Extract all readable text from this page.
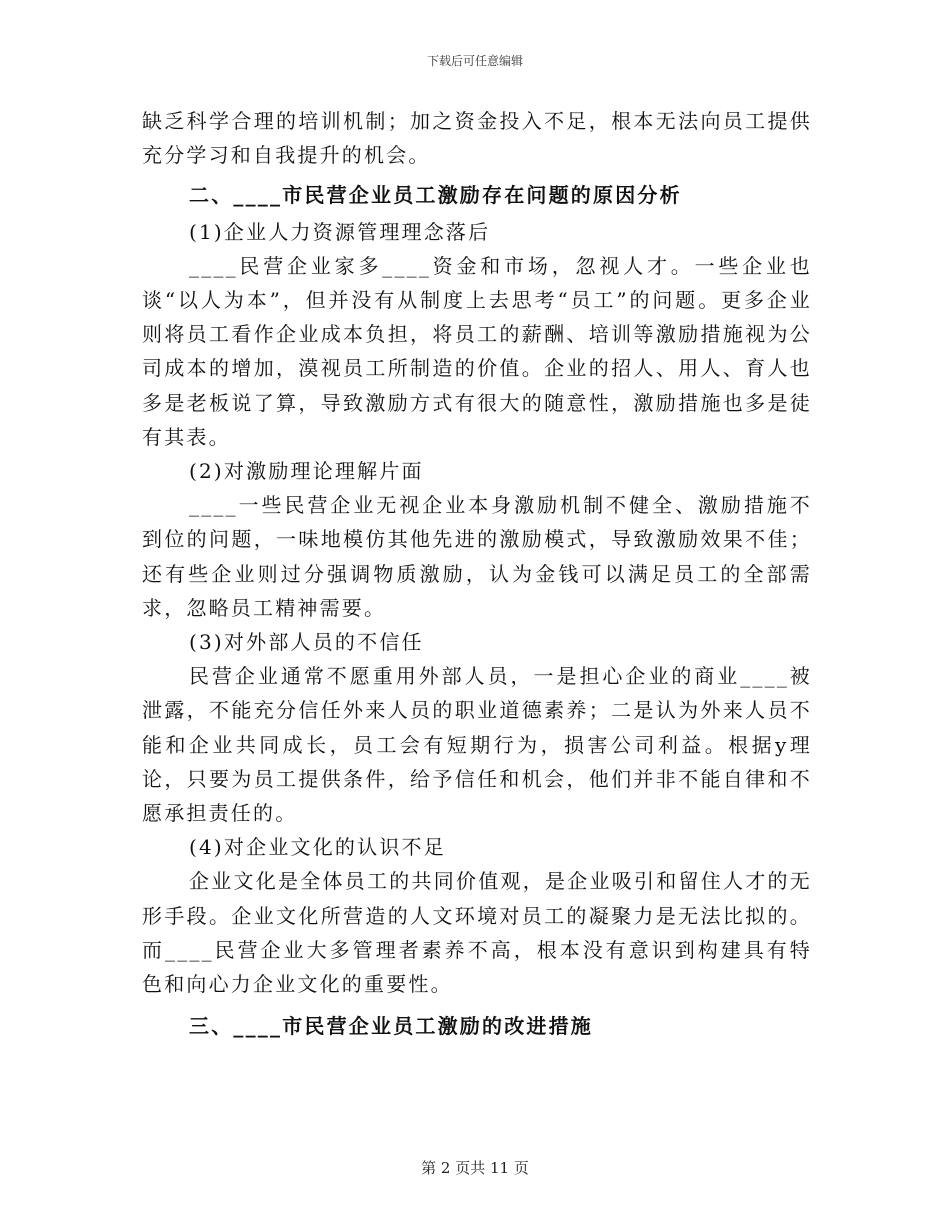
下载后可任意编辑

缺乏科学合理的培训机制；加之资金投入不足，根本无法向员工提供充分学习和自我提升的机会。

二、____市民营企业员工激励存在问题的原因分析

(1)企业人力资源管理理念落后

____民营企业家多____资金和市场，忽视人才。一些企业也谈“以人为本”，但并没有从制度上去思考“员工”的问题。更多企业则将员工看作企业成本负担，将员工的薪酬、培训等激励措施视为公司成本的增加，漠视员工所制造的价值。企业的招人、用人、育人也多是老板说了算，导致激励方式有很大的随意性，激励措施也多是徒有其表。

(2)对激励理论理解片面

____一些民营企业无视企业本身激励机制不健全、激励措施不到位的问题，一味地模仿其他先进的激励模式，导致激励效果不佳；还有些企业则过分强调物质激励，认为金钱可以满足员工的全部需求，忽略员工精神需要。

(3)对外部人员的不信任

民营企业通常不愿重用外部人员，一是担心企业的商业____被泄露，不能充分信任外来人员的职业道德素养；二是认为外来人员不能和企业共同成长，员工会有短期行为，损害公司利益。根据y理论，只要为员工提供条件，给予信任和机会，他们并非不能自律和不愿承担责任的。

(4)对企业文化的认识不足

企业文化是全体员工的共同价值观，是企业吸引和留住人才的无形手段。企业文化所营造的人文环境对员工的凝聚力是无法比拟的。而____民营企业大多管理者素养不高，根本没有意识到构建具有特色和向心力企业文化的重要性。

三、____市民营企业员工激励的改进措施

第 2 页共 11 页
